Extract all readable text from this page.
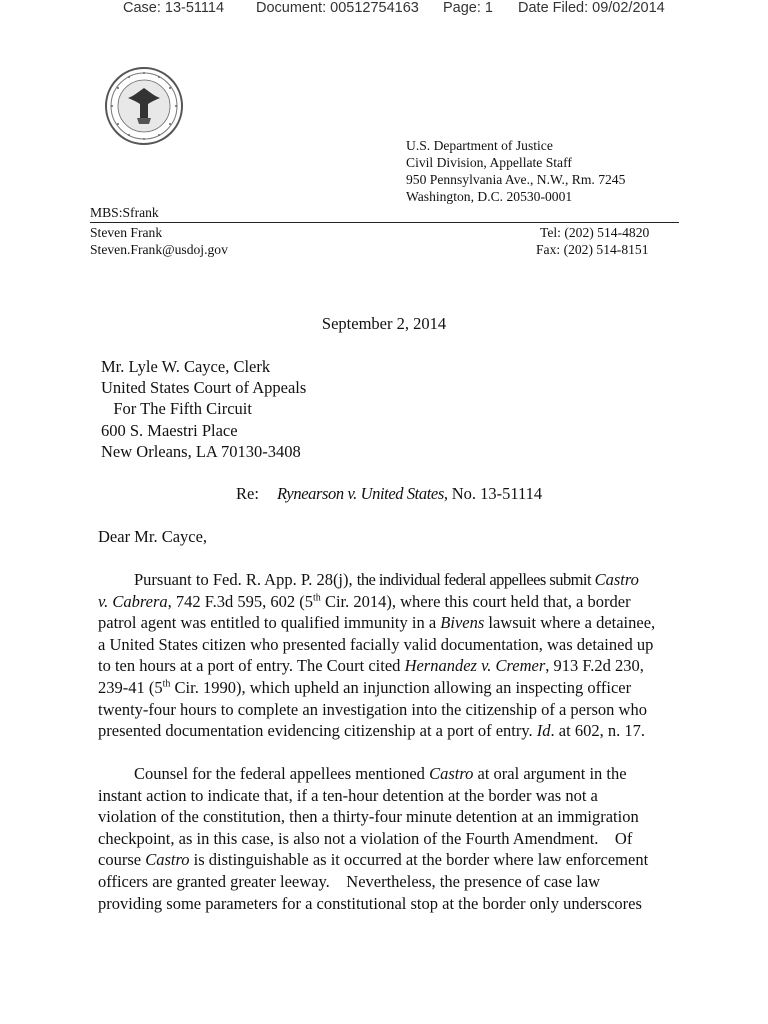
Case: 13-51114 Document: 00512754163 Page: 1 Date Filed: 09/02/2014
U.S. Department of Justice
Civil Division, Appellate Staff
950 Pennsylvania Ave., N.W., Rm. 7245
Washington, D.C. 20530-0001
MBS:Sfrank
Steven Frank
Steven.Frank@usdoj.gov
Tel: (202) 514-4820
Fax: (202) 514-8151
September 2, 2014
Mr. Lyle W. Cayce, Clerk
United States Court of Appeals
For The Fifth Circuit
600 S. Maestri Place
New Orleans, LA 70130-3408
Re: Rynearson v. United States, No. 13-51114
Dear Mr. Cayce,
Pursuant to Fed. R. App. P. 28(j), the individual federal appellees submit Castro
v. Cabrera, 742 F.3d 595, 602 (5th Cir. 2014), where this court held that, a border
patrol agent was entitled to qualified immunity in a Bivens lawsuit where a detainee,
a United States citizen who presented facially valid documentation, was detained up
to ten hours at a port of entry. The Court cited Hernandez v. Cremer, 913 F.2d 230,
239-41 (5th Cir. 1990), which upheld an injunction allowing an inspecting officer
twenty-four hours to complete an investigation into the citizenship of a person who
presented documentation evidencing citizenship at a port of entry. Id. at 602, n. 17.
Counsel for the federal appellees mentioned Castro at oral argument in the
instant action to indicate that, if a ten-hour detention at the border was not a
violation of the constitution, then a thirty-four minute detention at an immigration
checkpoint, as in this case, is also not a violation of the Fourth Amendment.    Of
course Castro is distinguishable as it occurred at the border where law enforcement
officers are granted greater leeway.    Nevertheless, the presence of case law
providing some parameters for a constitutional stop at the border only underscores
